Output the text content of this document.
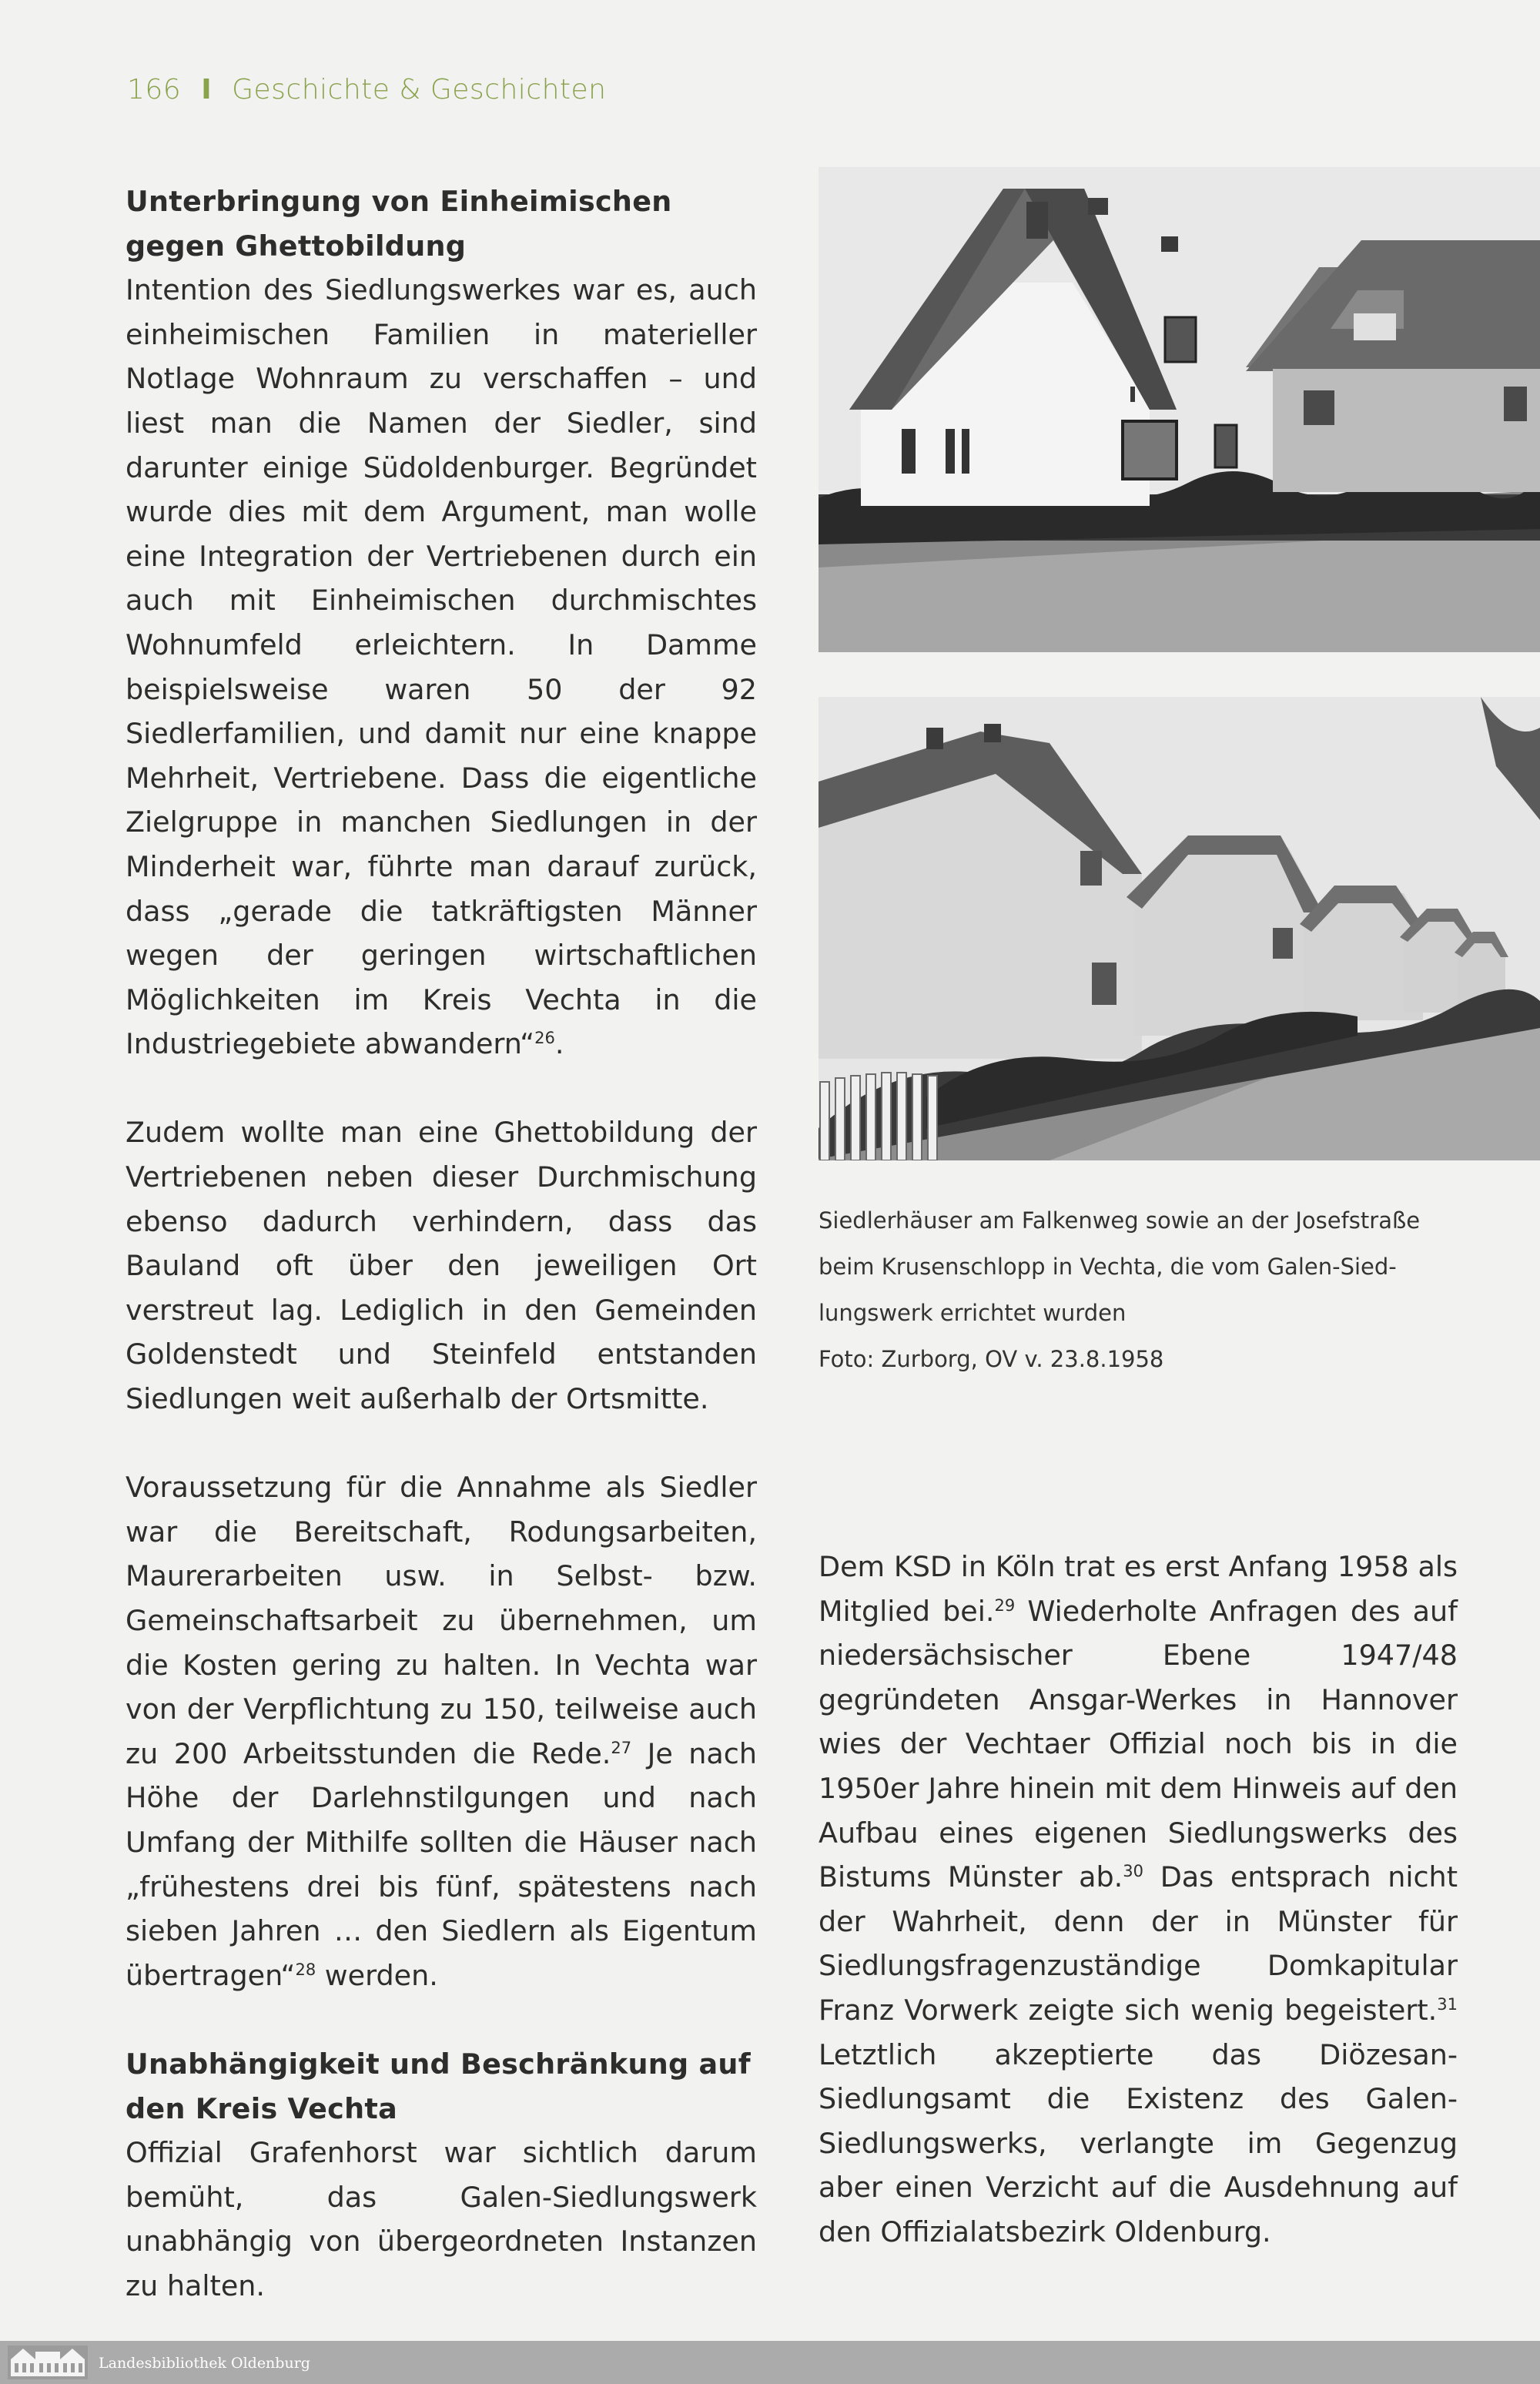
166 I Geschichte & Geschichten
Unterbringung von Einheimischen gegen Ghettobildung

Intention des Siedlungswerkes war es, auch einheimischen Familien in materieller Notlage Wohnraum zu verschaffen – und liest man die Namen der Siedler, sind darunter einige Südoldenburger. Begründet wurde dies mit dem Argument, man wolle eine Integration der Vertriebenen durch ein auch mit Einheimischen durchmischtes Wohnumfeld erleichtern. In Damme beispielsweise waren 50 der 92 Siedlerfamilien, und damit nur eine knappe Mehrheit, Vertriebene. Dass die eigentliche Zielgruppe in manchen Siedlungen in der Minderheit war, führte man darauf zurück, dass „gerade die tatkräftigsten Männer wegen der geringen wirtschaftlichen Möglichkeiten im Kreis Vechta in die Industriegebiete abwandern“$^{26}$.

Zudem wollte man eine Ghettobildung der Vertriebenen neben dieser Durchmischung ebenso dadurch verhindern, dass das Bauland oft über den jeweiligen Ort verstreut lag. Lediglich in den Gemeinden Goldenstedt und Steinfeld entstanden Siedlungen weit außerhalb der Ortsmitte.

Voraussetzung für die Annahme als Siedler war die Bereitschaft, Rodungsarbeiten, Maurerarbeiten usw. in Selbst- bzw. Gemeinschaftsarbeit zu übernehmen, um die Kosten gering zu halten. In Vechta war von der Verpflichtung zu 150, teilweise auch zu 200 Arbeitsstunden die Rede.$^{27}$ Je nach Höhe der Darlehnstilgungen und nach Umfang der Mithilfe sollten die Häuser nach „frühestens drei bis fünf, spätestens nach sieben Jahren … den Siedlern als Eigentum übertragen“$^{28}$ werden.

Unabhängigkeit und Beschränkung auf den Kreis Vechta

Offizial Grafenhorst war sichtlich darum bemüht, das Galen-Siedlungswerk unabhängig von übergeordneten Instanzen zu halten.

Siedlerhäuser am Falkenweg sowie an der Josefstraße
beim Krusenschlopp in Vechta, die vom Galen-Sied-
lungswerk errichtet wurden
Foto: Zurborg, OV v. 23.8.1958

Dem KSD in Köln trat es erst Anfang 1958 als Mitglied bei.$^{29}$ Wiederholte Anfragen des auf niedersächsischer Ebene 1947/48 gegründeten Ansgar-Werkes in Hannover wies der Vechtaer Offizial noch bis in die 1950er Jahre hinein mit dem Hinweis auf den Aufbau eines eigenen Siedlungswerks des Bistums Münster ab.$^{30}$ Das entsprach nicht der Wahrheit, denn der in Münster für Siedlungsfragenzuständige Domkapitular Franz Vorwerk zeigte sich wenig begeistert.$^{31}$ Letztlich akzeptierte das Diözesan-Siedlungsamt die Existenz des Galen-Siedlungswerks, verlangte im Gegenzug aber einen Verzicht auf die Ausdehnung auf den Offizialatsbezirk Oldenburg.

Landesbibliothek Oldenburg
